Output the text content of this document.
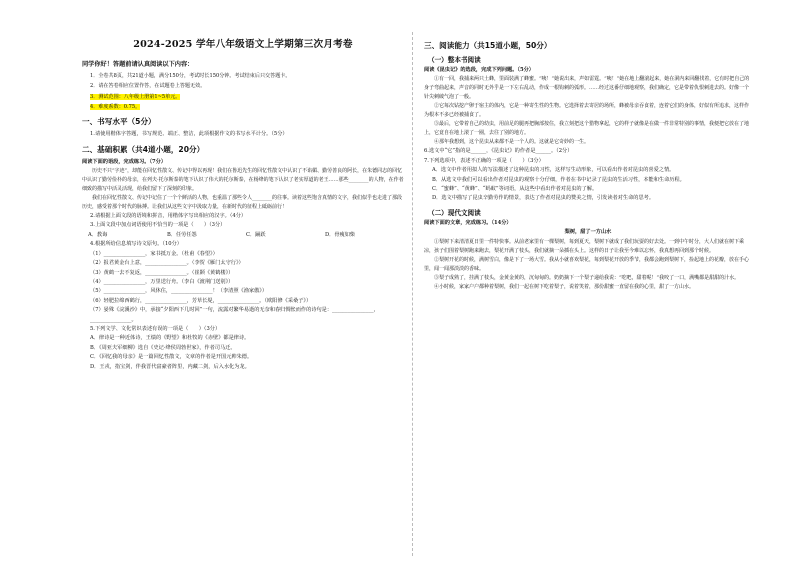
2024-2025 学年八年级语文上学期第三次月考卷
同学你好！答题前请认真阅读以下内容：

1．全卷共8页，共21道小题，满分150分，考试时长150分钟。考试结束后只交答题卡。

2．请在答卷相应位置作答，在试题卷上答题无效。

3．测试范围：八年级上册第1~5单元。

4．难度系数：0.75。

一、书写水平（5分）

1.请使用楷体字答题，书写规范、端正、整洁，此项根据作文的书写水平计分。（5分）

二、基础积累（共4道小题，20分）

阅读下面的语段，完成练习。（7分）

历史不只“字迹”，却能在回忆性散文、传记中得以再现！我们在鲁迅先生的回忆性散文中认识了不谄媚、勤劳善良的阿长，在朱德同志的回忆中认识了勤劳俭朴的母亲，在列夫·托尔斯泰的笔下认识了伟大的托尔斯泰，在杨绛的笔下认识了老实厚道的老王……那些________的人物，在作者细致的描写中活灵活现，给我们留下了深刻的印象。

我们在回忆性散文、传记中记住了一个个鲜活的人物，也重温了那些令人________的往事。读着这些饱含真情的文字，我们似乎也走进了那段历史，感受着那个时代的脉搏。让我们从这些文字中汲取力量，在新时代的征程上砥砺前行！

2.请根据上面文段的语境和拼音，用楷体字写出相应的汉字。（4分）

3.上面文段中加点词语使用不恰当的一项是（　　）（3分）

A．教诲	B．任劳任怨	C．踊跃	D．骨瘦如柴

4.根据所给信息填写诗文原句。（10分）

（1）________________，家书抵万金。（杜甫《春望》）

（2）报君黄金台上意，________________。（李贺《雁门太守行》）

（3）黄鹤一去不复返，________________。（崔颢《黄鹤楼》）

（4）________________，万里送行舟。（李白《渡荆门送别》）

（5）________________，风休住，________________！（李清照《渔家傲》）

（6）轻肥拉绵西鹤行，________________，芳草长堤，________________。（欧阳修《采桑子》）

（7）晏殊《浣溪沙》中，承接“夕阳西下几时回”一句，流露对繁华易逝的无奈和春归惆怅而作的诗句是：________________，________________。

5.下列文学、文化常识表述有误的一项是（　　）（3分）

A．律诗是一种近体诗，王绩的《野望》和杜牧的《赤壁》都是律诗。

B．《周亚夫军细柳》选自《史记·绛侯周勃世家》，作者司马迁。

C．《回忆我的母亲》是一篇回忆性散文，文章的作者是开国元帅朱德。

D．王戎，指宝剑，伴我晋代富豪者阵里，内藏二剑，后入水化为龙。

三、阅读能力（共15道小题，50分）
（一）整本书阅读

阅读《昆虫记》的选段，完成下列问题。（5分）

①有一回，我捕来两只土蜂，里面装满了蜂蜜。“咦！”她说出来，声如雷霆。“咦！”她在地上翻滚起来，她在洞内来回翻找着，它有时把自己的身子弯曲起来，声音的同时无外乎是一下左右乱动，作成一根钩刺的弧形。……经过这番仔细地观察，我们确定，它是带着仇恨刺进去的。好像一个针尖刺破气泡了一般。

②它每次钻挖产卵于宿主的体内，它是一种寄生性的生物。它选择着去寄居的场所，蜂被母亲吞食着，连着它们的身体，好似有所追求，这样作为根本不多已经被捕食了。

③最后，它带着自己的幼虫，用前足的腿再把胸部按住，我立刻把这个猎物拿起，它的样子就像是在做一件非常特别的事情，我便把它放在了地上，它竟自在地上滚了一圈，去往了别的地方。

④那年我想到，这个昆虫从来都不是一个人的。这就是它奇妙的一生。

6.选文中“它”指的是______，《昆虫记》的作者是______。（2分）

7.下列选项中，表述不正确的一项是（　　）（3分）

A．选文中作者用拟人的写法描述了这种昆虫的习性，这样写生动形象，可以看出作者对昆虫的喜爱之情。

B．从选文中我们可以看出作者对昆虫的观察十分仔细，作者在书中记录了昆虫的生活习性，本能和生命历程。

C．“蜜蜂”、“黄蜂”、“蚂蚁”等词语，从这些中看出作者对昆虫的了解。

D．选文中描写了昆虫辛勤劳作的情景，表达了作者对昆虫的赞美之情，引发读者对生命的思考。

（二）现代文阅读

阅读下面的文章，完成练习。（14分）

梨树，甜了一方山水

①梨树下来清清夏日里一件特快事。从前老家里有一棵梨树，每到夏天，梨树下就成了我们玩耍的好去处。一到中午时分，大人们就在树下乘凉，孩子们围着梨树跑来跑去，梨花开满了枝头，我们就摘一朵插在头上。这样的日子让我至今难以忘怀，我真想再回到那个时候。

②梨树开花的时候，满树雪白，像是下了一场大雪。我从小就喜欢梨花，每到梨花开放的季节，我都会跑到梨树下，捡起地上的花瓣，放在手心里，闻一闻那淡淡的香味。

③梨子成熟了，挂满了枝头，金黄金黄的，沉甸甸的。奶奶摘下一个梨子递给我说：“吃吧，甜着呢！”我咬了一口，满嘴都是甜甜的汁水。

④小时候，家家户户都种着梨树，我们一起在树下吃着梨子，说着笑着，那份甜蜜一直留在我的心里，甜了一方山水。
